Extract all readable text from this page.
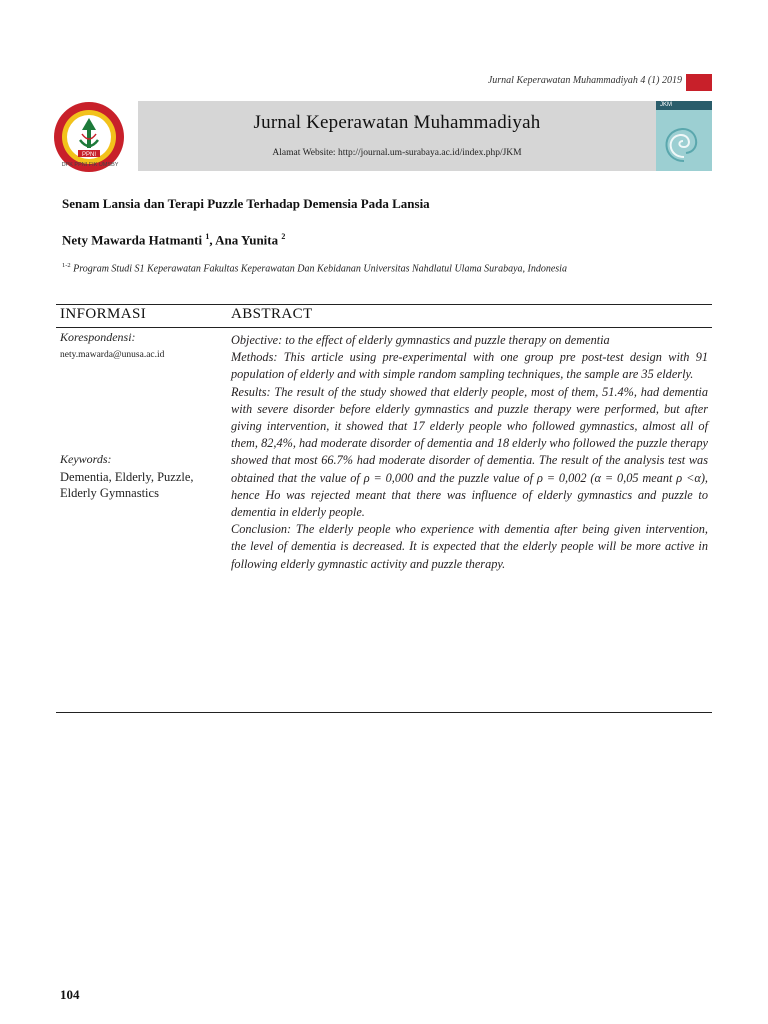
Jurnal Keperawatan Muhammadiyah 4 (1) 2019
PPNI
DPK PPNI FIK UMSBY
Jurnal Keperawatan Muhammadiyah
Alamat Website: http://journal.um-surabaya.ac.id/index.php/JKM
JKM
Senam Lansia dan Terapi Puzzle Terhadap Demensia Pada Lansia
Nety Mawarda Hatmanti $^1$, Ana Yunita $^2$
$^{1-2}$ Program Studi S1 Keperawatan Fakultas Keperawatan Dan Kebidanan Universitas Nahdlatul Ulama Surabaya, Indonesia
INFORMASI	ABSTRACT
Korespondensi:
nety.mawarda@unusa.ac.id
Keywords:
Dementia, Elderly, Puzzle, Elderly Gymnastics

Objective: to the effect of elderly gymnastics and puzzle therapy on dementia

Methods: This article using pre-experimental with one group pre post-test design with 91 population of elderly and with simple random sampling techniques, the sample are 35 elderly.

Results: The result of the study showed that elderly people, most of them, 51.4%, had dementia with severe disorder before elderly gymnastics and puzzle therapy were performed, but after giving intervention, it showed that 17 elderly people who followed gymnastics, almost all of them, 82,4%, had moderate disorder of dementia and 18 elderly who followed the puzzle therapy showed that most 66.7% had moderate disorder of dementia. The result of the analysis test was obtained that the value of ρ = 0,000 and the puzzle value of ρ = 0,002 (α = 0,05 meant ρ <α), hence Ho was rejected meant that there was influence of elderly gymnastics and puzzle to dementia in elderly people.

Conclusion: The elderly people who experience with dementia after being given intervention, the level of dementia is decreased. It is expected that the elderly people will be more active in following elderly gymnastic activity and puzzle therapy.

104
